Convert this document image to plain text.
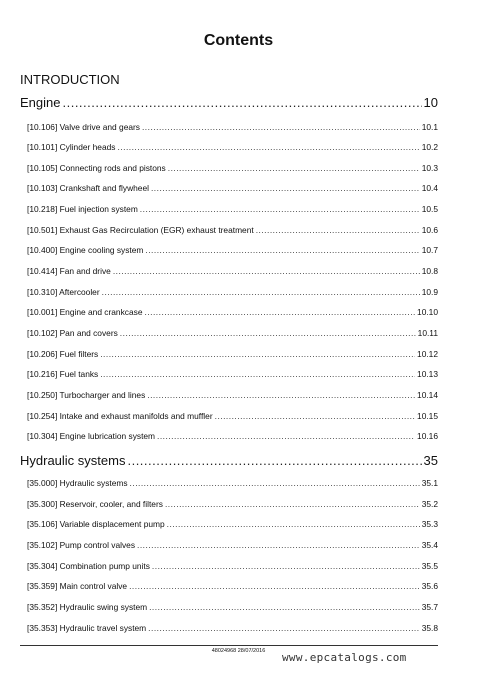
Contents
INTRODUCTION
Engine .....	10
[10.106] Valve drive and gears .....	10.1
[10.101] Cylinder heads .....	10.2
[10.105] Connecting rods and pistons .....	10.3
[10.103] Crankshaft and flywheel .....	10.4
[10.218] Fuel injection system .....	10.5
[10.501] Exhaust Gas Recirculation (EGR) exhaust treatment .....	10.6
[10.400] Engine cooling system .....	10.7
[10.414] Fan and drive .....	10.8
[10.310] Aftercooler .....	10.9
[10.001] Engine and crankcase .....	10.10
[10.102] Pan and covers .....	10.11
[10.206] Fuel filters .....	10.12
[10.216] Fuel tanks .....	10.13
[10.250] Turbocharger and lines .....	10.14
[10.254] Intake and exhaust manifolds and muffler .....	10.15
[10.304] Engine lubrication system .....	10.16
Hydraulic systems .....	35
[35.000] Hydraulic systems .....	35.1
[35.300] Reservoir, cooler, and filters .....	35.2
[35.106] Variable displacement pump .....	35.3
[35.102] Pump control valves .....	35.4
[35.304] Combination pump units .....	35.5
[35.359] Main control valve .....	35.6
[35.352] Hydraulic swing system .....	35.7
[35.353] Hydraulic travel system .....	35.8
48024968 28/07/2016	www.epcatalogs.com
